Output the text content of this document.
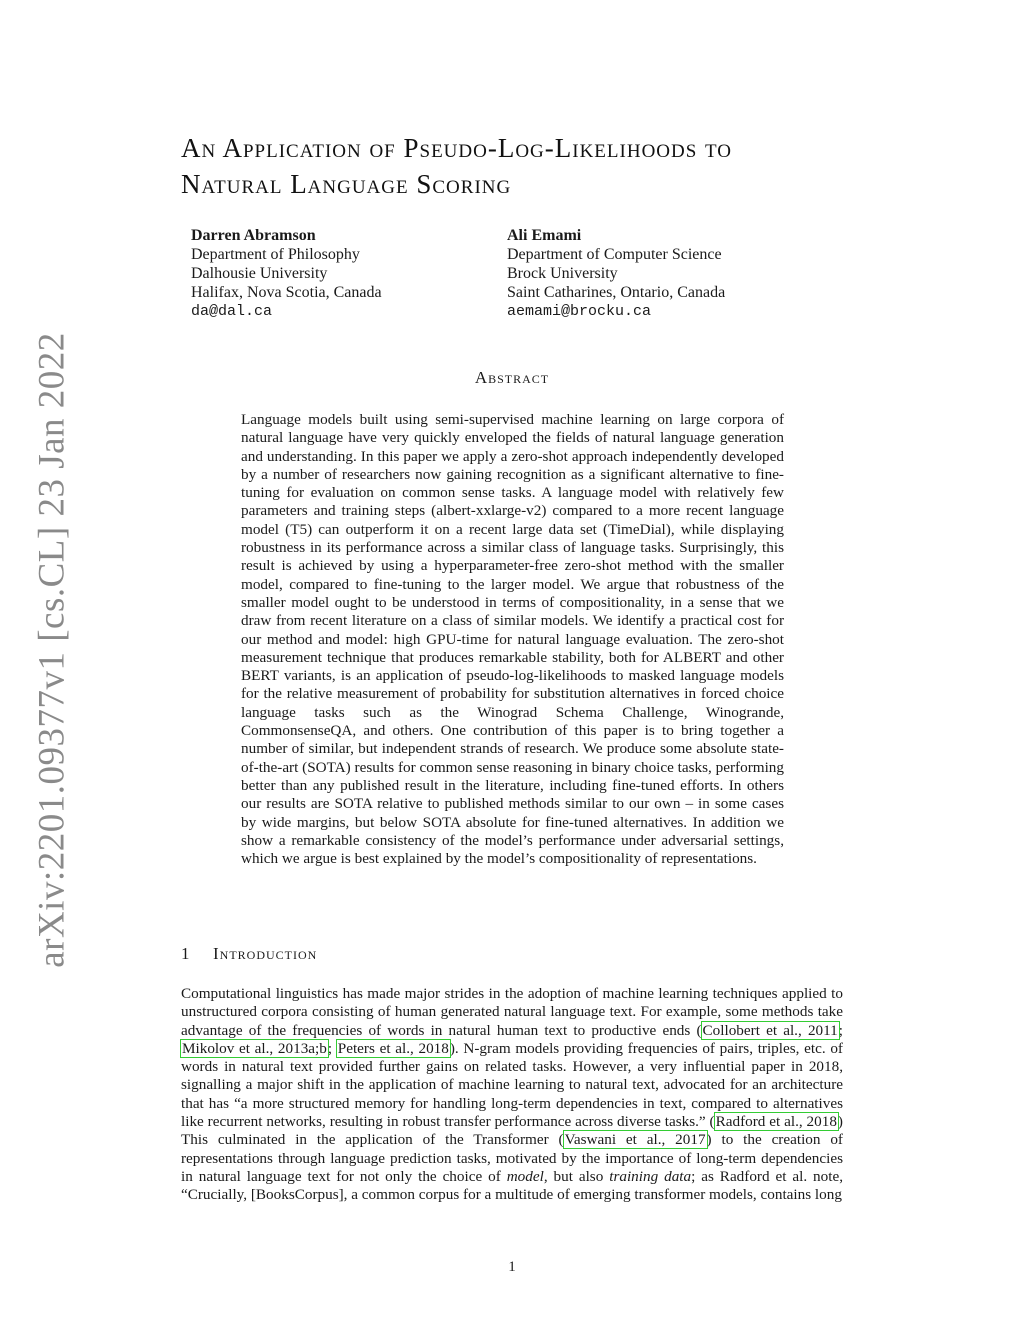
arXiv:2201.09377v1 [cs.CL] 23 Jan 2022
An Application of Pseudo-Log-Likelihoods to
Natural Language Scoring
Darren Abramson
Department of Philosophy
Dalhousie University
Halifax, Nova Scotia, Canada
da@dal.ca
Ali Emami
Department of Computer Science
Brock University
Saint Catharines, Ontario, Canada
aemami@brocku.ca
Abstract
Language models built using semi-supervised machine learning on large corpora of natural language have very quickly enveloped the fields of natural language generation and understanding. In this paper we apply a zero-shot approach independently developed by a number of researchers now gaining recognition as a significant alternative to fine-tuning for evaluation on common sense tasks. A language model with relatively few parameters and training steps (albert-xxlarge-v2) compared to a more recent language model (T5) can outperform it on a recent large data set (TimeDial), while displaying robustness in its performance across a similar class of language tasks. Surprisingly, this result is achieved by using a hyperparameter-free zero-shot method with the smaller model, compared to fine-tuning to the larger model. We argue that robustness of the smaller model ought to be understood in terms of compositionality, in a sense that we draw from recent literature on a class of similar models. We identify a practical cost for our method and model: high GPU-time for natural language evaluation. The zero-shot measurement technique that produces remarkable stability, both for ALBERT and other BERT variants, is an application of pseudo-log-likelihoods to masked language models for the relative measurement of probability for substitution alternatives in forced choice language tasks such as the Winograd Schema Challenge, Winogrande, CommonsenseQA, and others. One contribution of this paper is to bring together a number of similar, but independent strands of research. We produce some absolute state-of-the-art (SOTA) results for common sense reasoning in binary choice tasks, performing better than any published result in the literature, including fine-tuned efforts. In others our results are SOTA relative to published methods similar to our own – in some cases by wide margins, but below SOTA absolute for fine-tuned alternatives. In addition we show a remarkable consistency of the model’s performance under adversarial settings, which we argue is best explained by the model’s compositionality of representations.
1 Introduction
Computational linguistics has made major strides in the adoption of machine learning techniques applied to unstructured corpora consisting of human generated natural language text. For example, some methods take advantage of the frequencies of words in natural human text to productive ends (Collobert et al., 2011; Mikolov et al., 2013a;b; Peters et al., 2018). N-gram models providing frequencies of pairs, triples, etc. of words in natural text provided further gains on related tasks. However, a very influential paper in 2018, signalling a major shift in the application of machine learning to natural text, advocated for an architecture that has “a more structured memory for handling long-term dependencies in text, compared to alternatives like recurrent networks, resulting in robust transfer performance across diverse tasks.” (Radford et al., 2018) This culminated in the application of the Transformer (Vaswani et al., 2017) to the creation of representations through language prediction tasks, motivated by the importance of long-term dependencies in natural language text for not only the choice of model, but also training data; as Radford et al. note, “Crucially, [BooksCorpus], a common corpus for a multitude of emerging transformer models, contains long
1
